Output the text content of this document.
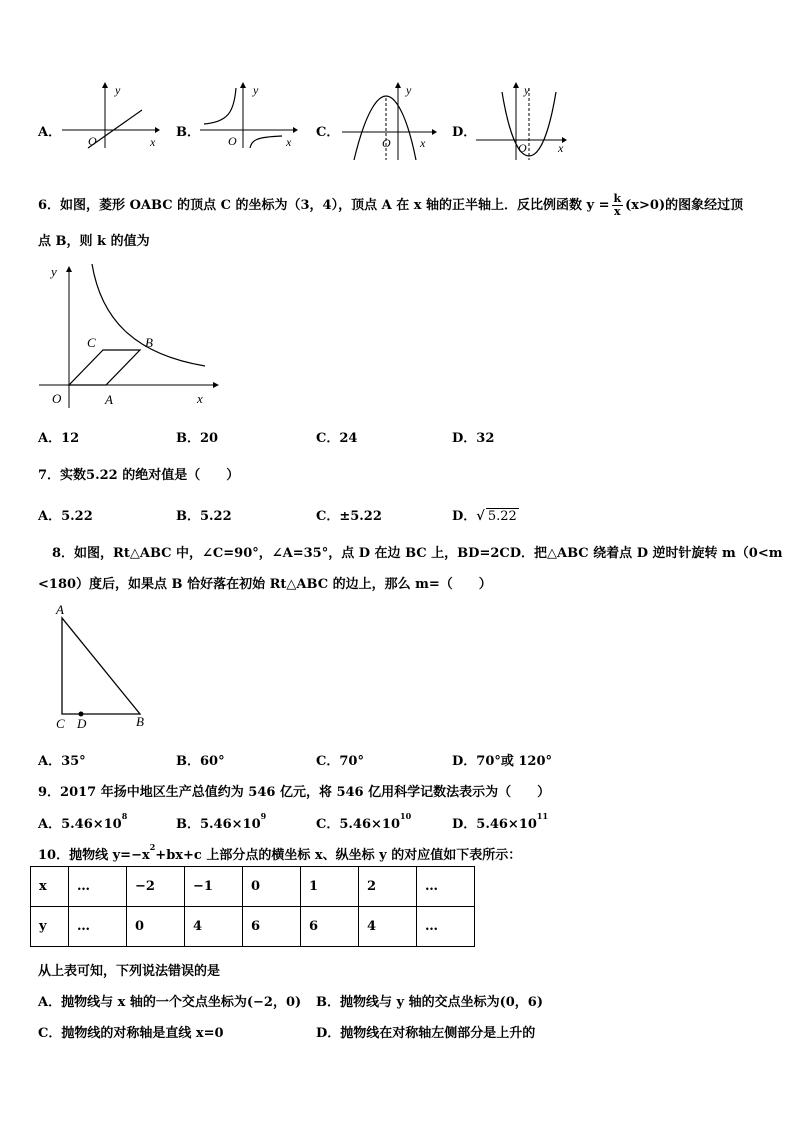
A．
O	x
y
B．
O	x
y
C．
O x
y
D．
O	x
y
6．如图，菱形 OABC 的顶点 C 的坐标为（3，4），顶点 A 在 x 轴的正半轴上．反比例函数 $y = \frac{k}{x} (x>0)$的图象经过顶
点 B，则 k 的值为
y
x
O	A
B
C
A．12	B．20	C．24	D．32
7．实数5.22 的绝对值是（　　）
A．5.22	B．5.22	C．±5.22	D．√ 5.22
8．如图，Rt△ABC 中，∠C=90°，∠A=35°，点 D 在边 BC 上，BD=2CD．把△ABC 绕着点 D 逆时针旋转 m（0<m
<180）度后，如果点 B 恰好落在初始 Rt△ABC 的边上，那么 m=（　　）
A
C D	B
A．35°	B．60°	C．70°	D．70°或 120°
9．2017 年扬中地区生产总值约为 546 亿元，将 546 亿用科学记数法表示为（　　）
A．$5.46\times 10^8$
B．$5.46\times 10^9$
C．$5.46\times 10^{10}$
D．$5.46\times 10^{11}$
10．抛物线 $y=-x^2+bx+c$ 上部分点的横坐标 x、纵坐标 y 的对应值如下表所示：
x	…	−2	−1	0	1	2	…
y	…	0	4	6	6	4	…
从上表可知，下列说法错误的是
A．抛物线与 x 轴的一个交点坐标为(−2，0) B．抛物线与 y 轴的交点坐标为(0，6)
C．抛物线的对称轴是直线 x=0	D．抛物线在对称轴左侧部分是上升的
